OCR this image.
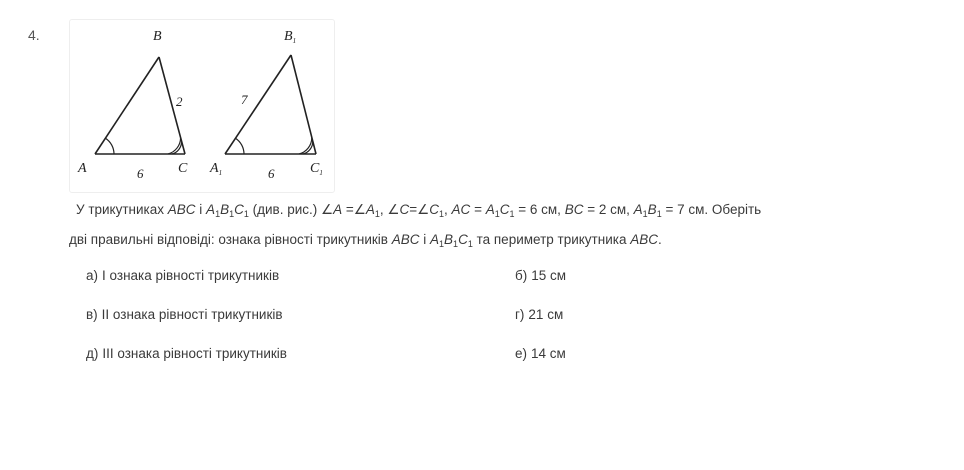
4.
A
B
C
6
2
$A_1$
$B_1$
$C_1$
6
7
У трикутниках ABC і $A_1B_1C_1$ (див. рис.) ∠A $=\angle A_1$, $\angle C=\angle C_1$, AC = $A_1C_1 = 6$ см, BC = 2 см, $A_1B_1 = 7$ см. Оберіть
дві правильні відповіді: ознака рівності трикутників ABC і $A_1B_1C_1$ та периметр трикутника ABC.
а) І ознака рівності трикутників	б) 15 см
в) ІІ ознака рівності трикутників	г) 21 см
д) ІІІ ознака рівності трикутників	е) 14 см
